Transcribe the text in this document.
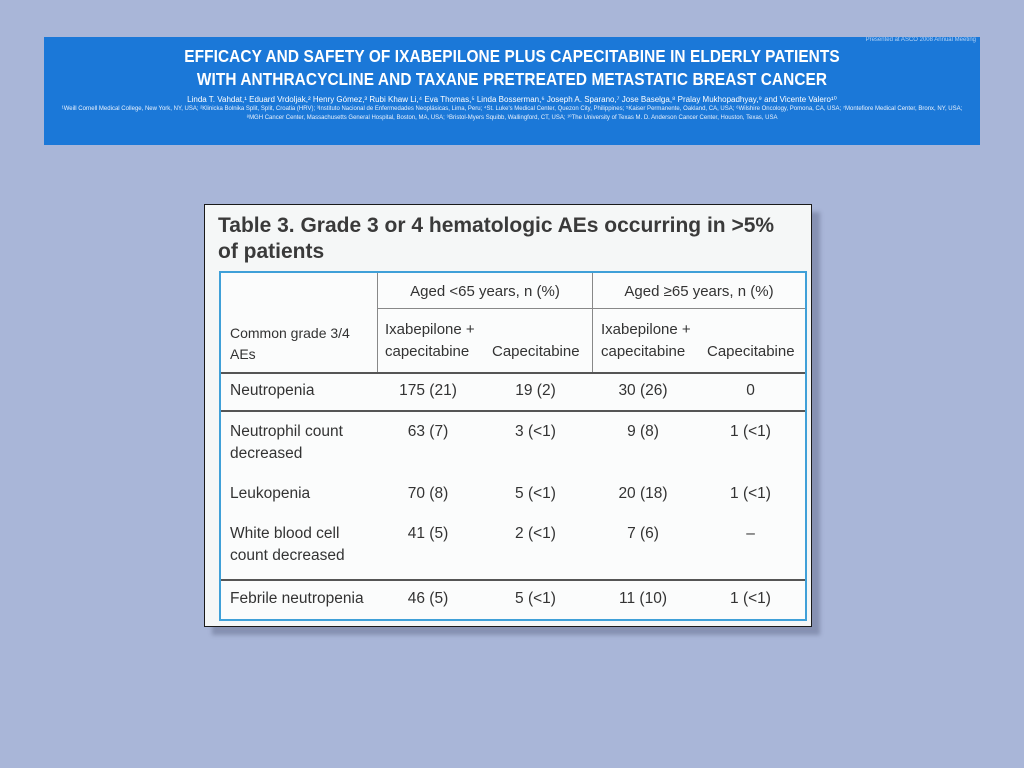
Presented at ASCO 2008 Annual Meeting
EFFICACY AND SAFETY OF IXABEPILONE PLUS CAPECITABINE IN ELDERLY PATIENTS
WITH ANTHRACYCLINE AND TAXANE PRETREATED METASTATIC BREAST CANCER
Linda T. Vahdat,¹ Eduard Vrdoljak,² Henry Gómez,³ Rubi Khaw Li,⁴ Eva Thomas,⁵ Linda Bosserman,⁶ Joseph A. Sparano,⁷ Jose Baselga,⁸ Pralay Mukhopadhyay,⁹ and Vicente Valero¹⁰
¹Weill Cornell Medical College, New York, NY, USA; ²Klinicka Bolnika Split, Split, Croatia (HRV); ³Instituto Nacional de Enfermedades Neoplásicas, Lima, Peru; ⁴St. Luke's Medical Center, Quezon City, Philippines; ⁵Kaiser Permanente, Oakland, CA, USA; ⁶Wilshire Oncology, Pomona, CA, USA; ⁷Montefiore Medical Center, Bronx, NY, USA;
⁸MGH Cancer Center, Massachusetts General Hospital, Boston, MA, USA; ⁹Bristol-Myers Squibb, Wallingford, CT, USA; ¹⁰The University of Texas M. D. Anderson Cancer Center, Houston, Texas, USA
Table 3. Grade 3 or 4 hematologic AEs occurring in >5%
of patients
Aged <65 years, n (%)	Aged ≥65 years, n (%)
Common grade 3/4
AEs
Ixabepilone +
capecitabine	Capecitabine
Ixabepilone +
capecitabine	Capecitabine
Neutropenia	175 (21)	19 (2)	30 (26)	0
Neutrophil count
decreased
63 (7)	3 (<1)	9 (8)	1 (<1)
Leukopenia	70 (8)	5 (<1)	20 (18)	1 (<1)
White blood cell
count decreased
41 (5)	2 (<1)	7 (6)	–
Febrile neutropenia	46 (5)	5 (<1)	11 (10)	1 (<1)
